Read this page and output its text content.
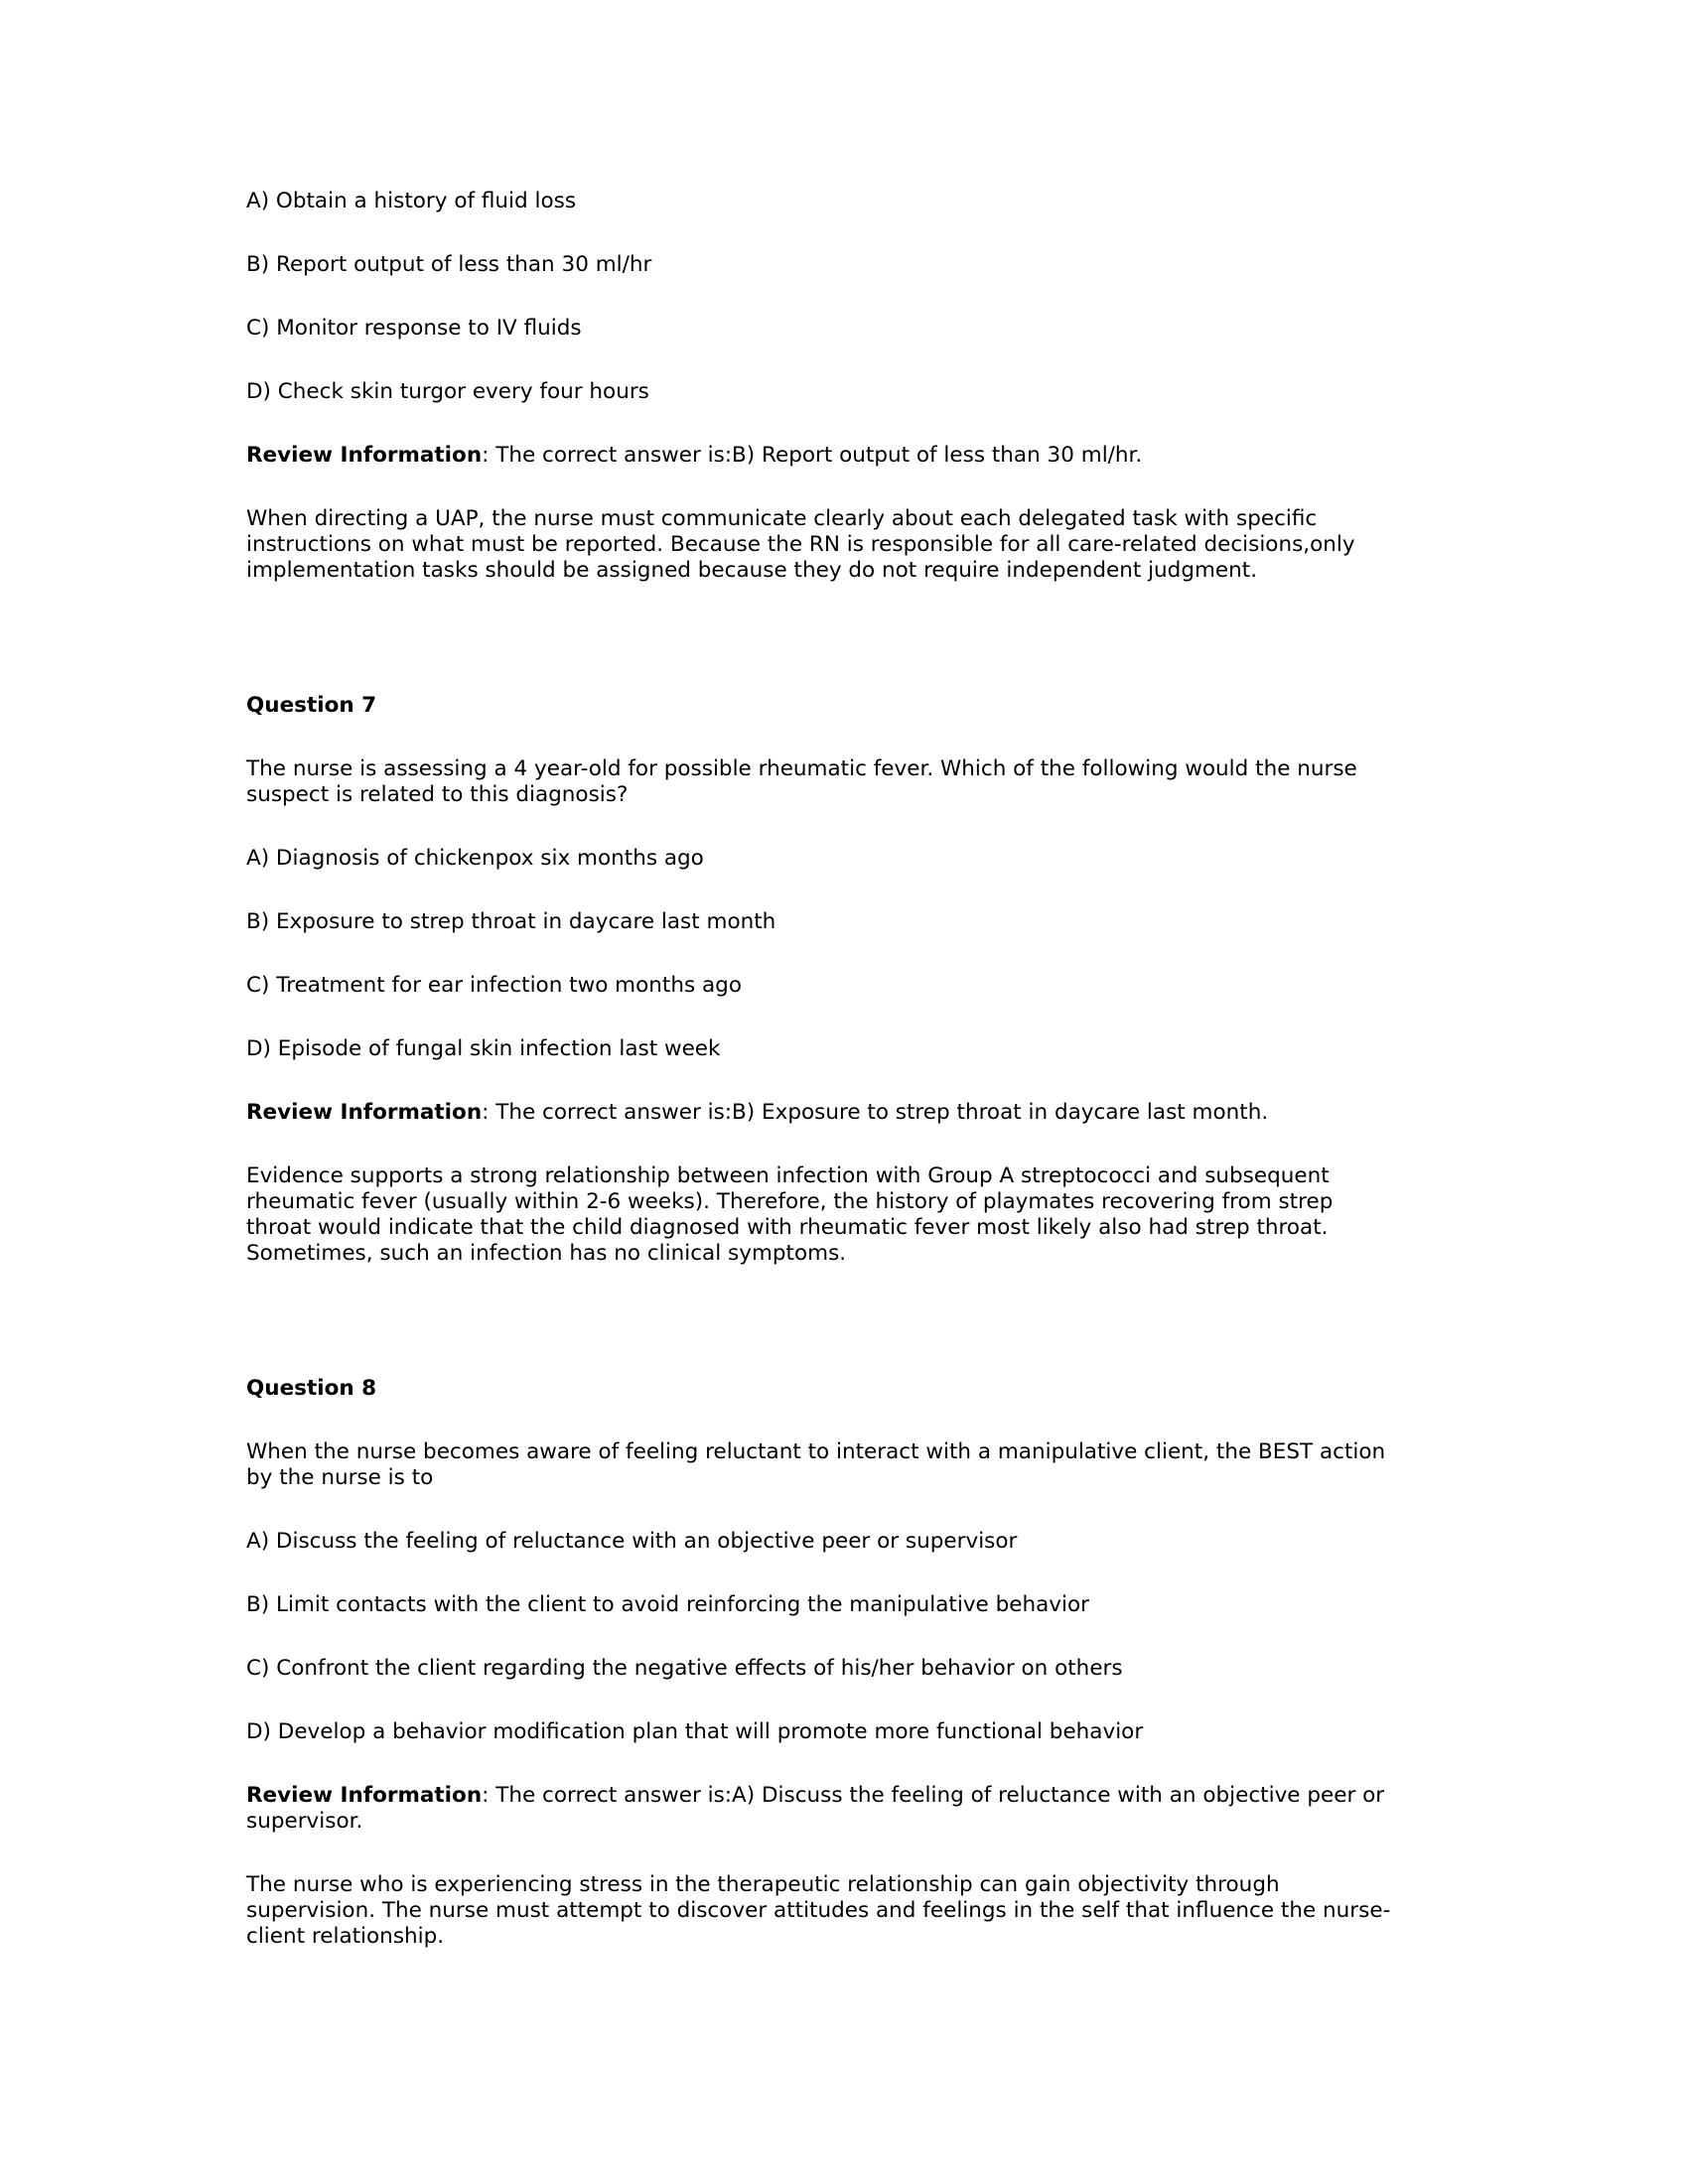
A) Obtain a history of fluid loss

B) Report output of less than 30 ml/hr

C) Monitor response to IV fluids

D) Check skin turgor every four hours

Review Information: The correct answer is:B) Report output of less than 30 ml/hr.

When directing a UAP, the nurse must communicate clearly about each delegated task with specific

instructions on what must be reported. Because the RN is responsible for all care-related decisions,only

implementation tasks should be assigned because they do not require independent judgment.

Question 7

The nurse is assessing a 4 year-old for possible rheumatic fever. Which of the following would the nurse

suspect is related to this diagnosis?

A) Diagnosis of chickenpox six months ago

B) Exposure to strep throat in daycare last month

C) Treatment for ear infection two months ago

D) Episode of fungal skin infection last week

Review Information: The correct answer is:B) Exposure to strep throat in daycare last month.

Evidence supports a strong relationship between infection with Group A streptococci and subsequent

rheumatic fever (usually within 2-6 weeks). Therefore, the history of playmates recovering from strep

throat would indicate that the child diagnosed with rheumatic fever most likely also had strep throat.

Sometimes, such an infection has no clinical symptoms.

Question 8

When the nurse becomes aware of feeling reluctant to interact with a manipulative client, the BEST action

by the nurse is to

A) Discuss the feeling of reluctance with an objective peer or supervisor

B) Limit contacts with the client to avoid reinforcing the manipulative behavior

C) Confront the client regarding the negative effects of his/her behavior on others

D) Develop a behavior modification plan that will promote more functional behavior

Review Information: The correct answer is:A) Discuss the feeling of reluctance with an objective peer or

supervisor.

The nurse who is experiencing stress in the therapeutic relationship can gain objectivity through

supervision. The nurse must attempt to discover attitudes and feelings in the self that influence the nurse-

client relationship.
